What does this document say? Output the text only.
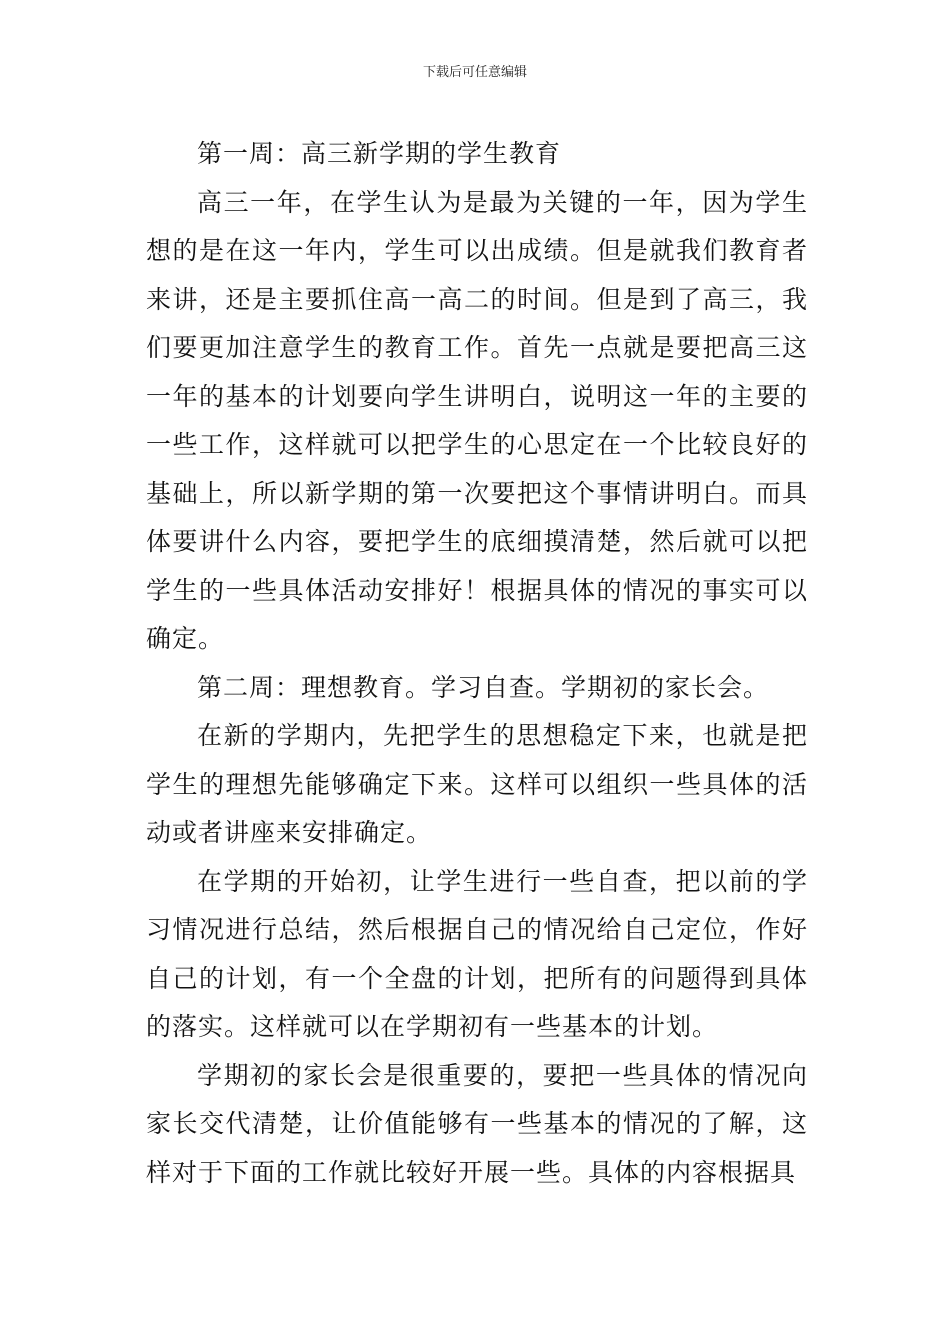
下载后可任意编辑

第一周：高三新学期的学生教育

高三一年，在学生认为是最为关键的一年，因为学生想的是在这一年内，学生可以出成绩。但是就我们教育者来讲，还是主要抓住高一高二的时间。但是到了高三，我们要更加注意学生的教育工作。首先一点就是要把高三这一年的基本的计划要向学生讲明白，说明这一年的主要的一些工作，这样就可以把学生的心思定在一个比较良好的基础上，所以新学期的第一次要把这个事情讲明白。而具体要讲什么内容，要把学生的底细摸清楚，然后就可以把学生的一些具体活动安排好！根据具体的情况的事实可以确定。

第二周：理想教育。学习自查。学期初的家长会。

在新的学期内，先把学生的思想稳定下来，也就是把学生的理想先能够确定下来。这样可以组织一些具体的活动或者讲座来安排确定。

在学期的开始初，让学生进行一些自查，把以前的学习情况进行总结，然后根据自己的情况给自己定位，作好自己的计划，有一个全盘的计划，把所有的问题得到具体的落实。这样就可以在学期初有一些基本的计划。

学期初的家长会是很重要的，要把一些具体的情况向家长交代清楚，让价值能够有一些基本的情况的了解，这样对于下面的工作就比较好开展一些。具体的内容根据具
